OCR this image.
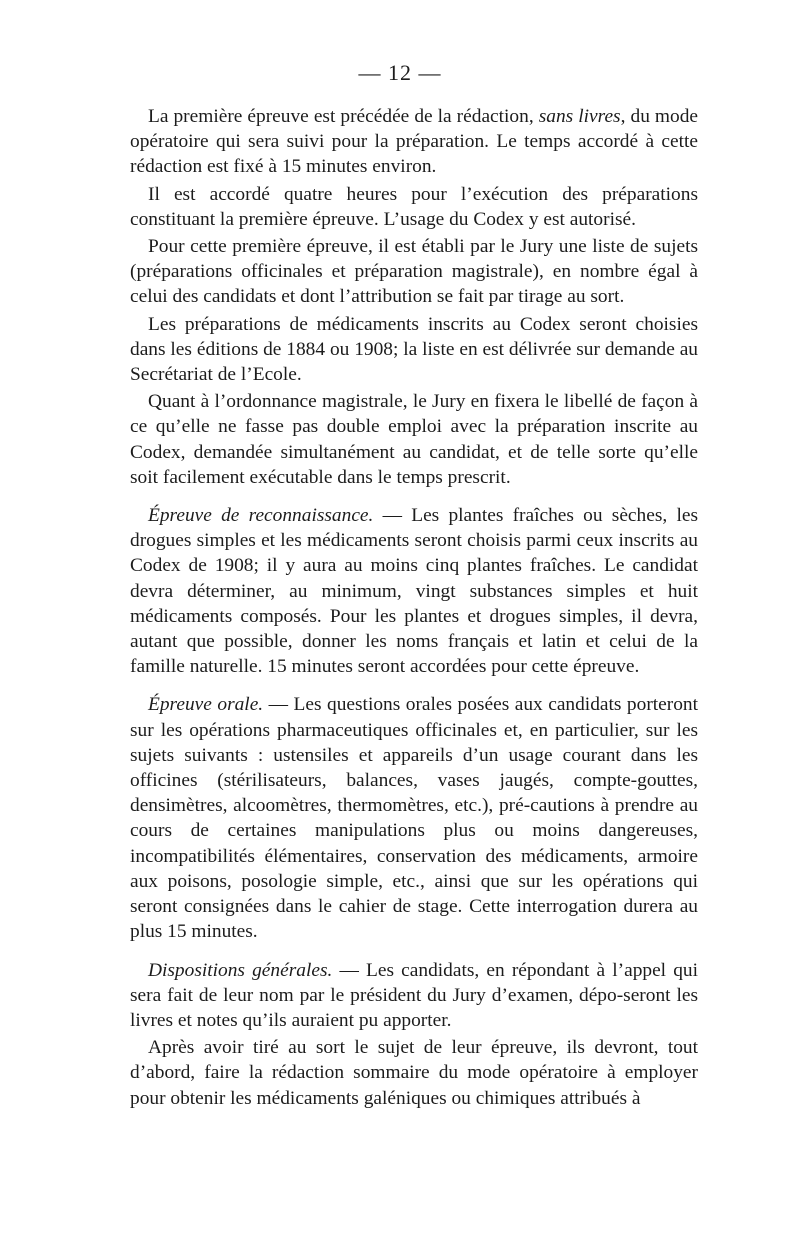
— 12 —

La première épreuve est précédée de la rédaction, sans livres, du mode opératoire qui sera suivi pour la préparation. Le temps accordé à cette rédaction est fixé à 15 minutes environ.

Il est accordé quatre heures pour l’exécution des préparations constituant la première épreuve. L’usage du Codex y est autorisé.

Pour cette première épreuve, il est établi par le Jury une liste de sujets (préparations officinales et préparation magistrale), en nombre égal à celui des candidats et dont l’attribution se fait par tirage au sort.

Les préparations de médicaments inscrits au Codex seront choisies dans les éditions de 1884 ou 1908; la liste en est délivrée sur demande au Secrétariat de l’Ecole.

Quant à l’ordonnance magistrale, le Jury en fixera le libellé de façon à ce qu’elle ne fasse pas double emploi avec la préparation inscrite au Codex, demandée simultanément au candidat, et de telle sorte qu’elle soit facilement exécutable dans le temps prescrit.

Épreuve de reconnaissance. — Les plantes fraîches ou sèches, les drogues simples et les médicaments seront choisis parmi ceux inscrits au Codex de 1908; il y aura au moins cinq plantes fraîches. Le candidat devra déterminer, au minimum, vingt substances simples et huit médicaments composés. Pour les plantes et drogues simples, il devra, autant que possible, donner les noms français et latin et celui de la famille naturelle. 15 minutes seront accordées pour cette épreuve.

Épreuve orale. — Les questions orales posées aux candidats porteront sur les opérations pharmaceutiques officinales et, en particulier, sur les sujets suivants : ustensiles et appareils d’un usage courant dans les officines (stérilisateurs, balances, vases jaugés, compte-gouttes, densimètres, alcoomètres, thermomètres, etc.), pré-cautions à prendre au cours de certaines manipulations plus ou moins dangereuses, incompatibilités élémentaires, conservation des médicaments, armoire aux poisons, posologie simple, etc., ainsi que sur les opérations qui seront consignées dans le cahier de stage. Cette interrogation durera au plus 15 minutes.

Dispositions générales. — Les candidats, en répondant à l’appel qui sera fait de leur nom par le président du Jury d’examen, dépo-seront les livres et notes qu’ils auraient pu apporter.

Après avoir tiré au sort le sujet de leur épreuve, ils devront, tout d’abord, faire la rédaction sommaire du mode opératoire à employer pour obtenir les médicaments galéniques ou chimiques attribués à
